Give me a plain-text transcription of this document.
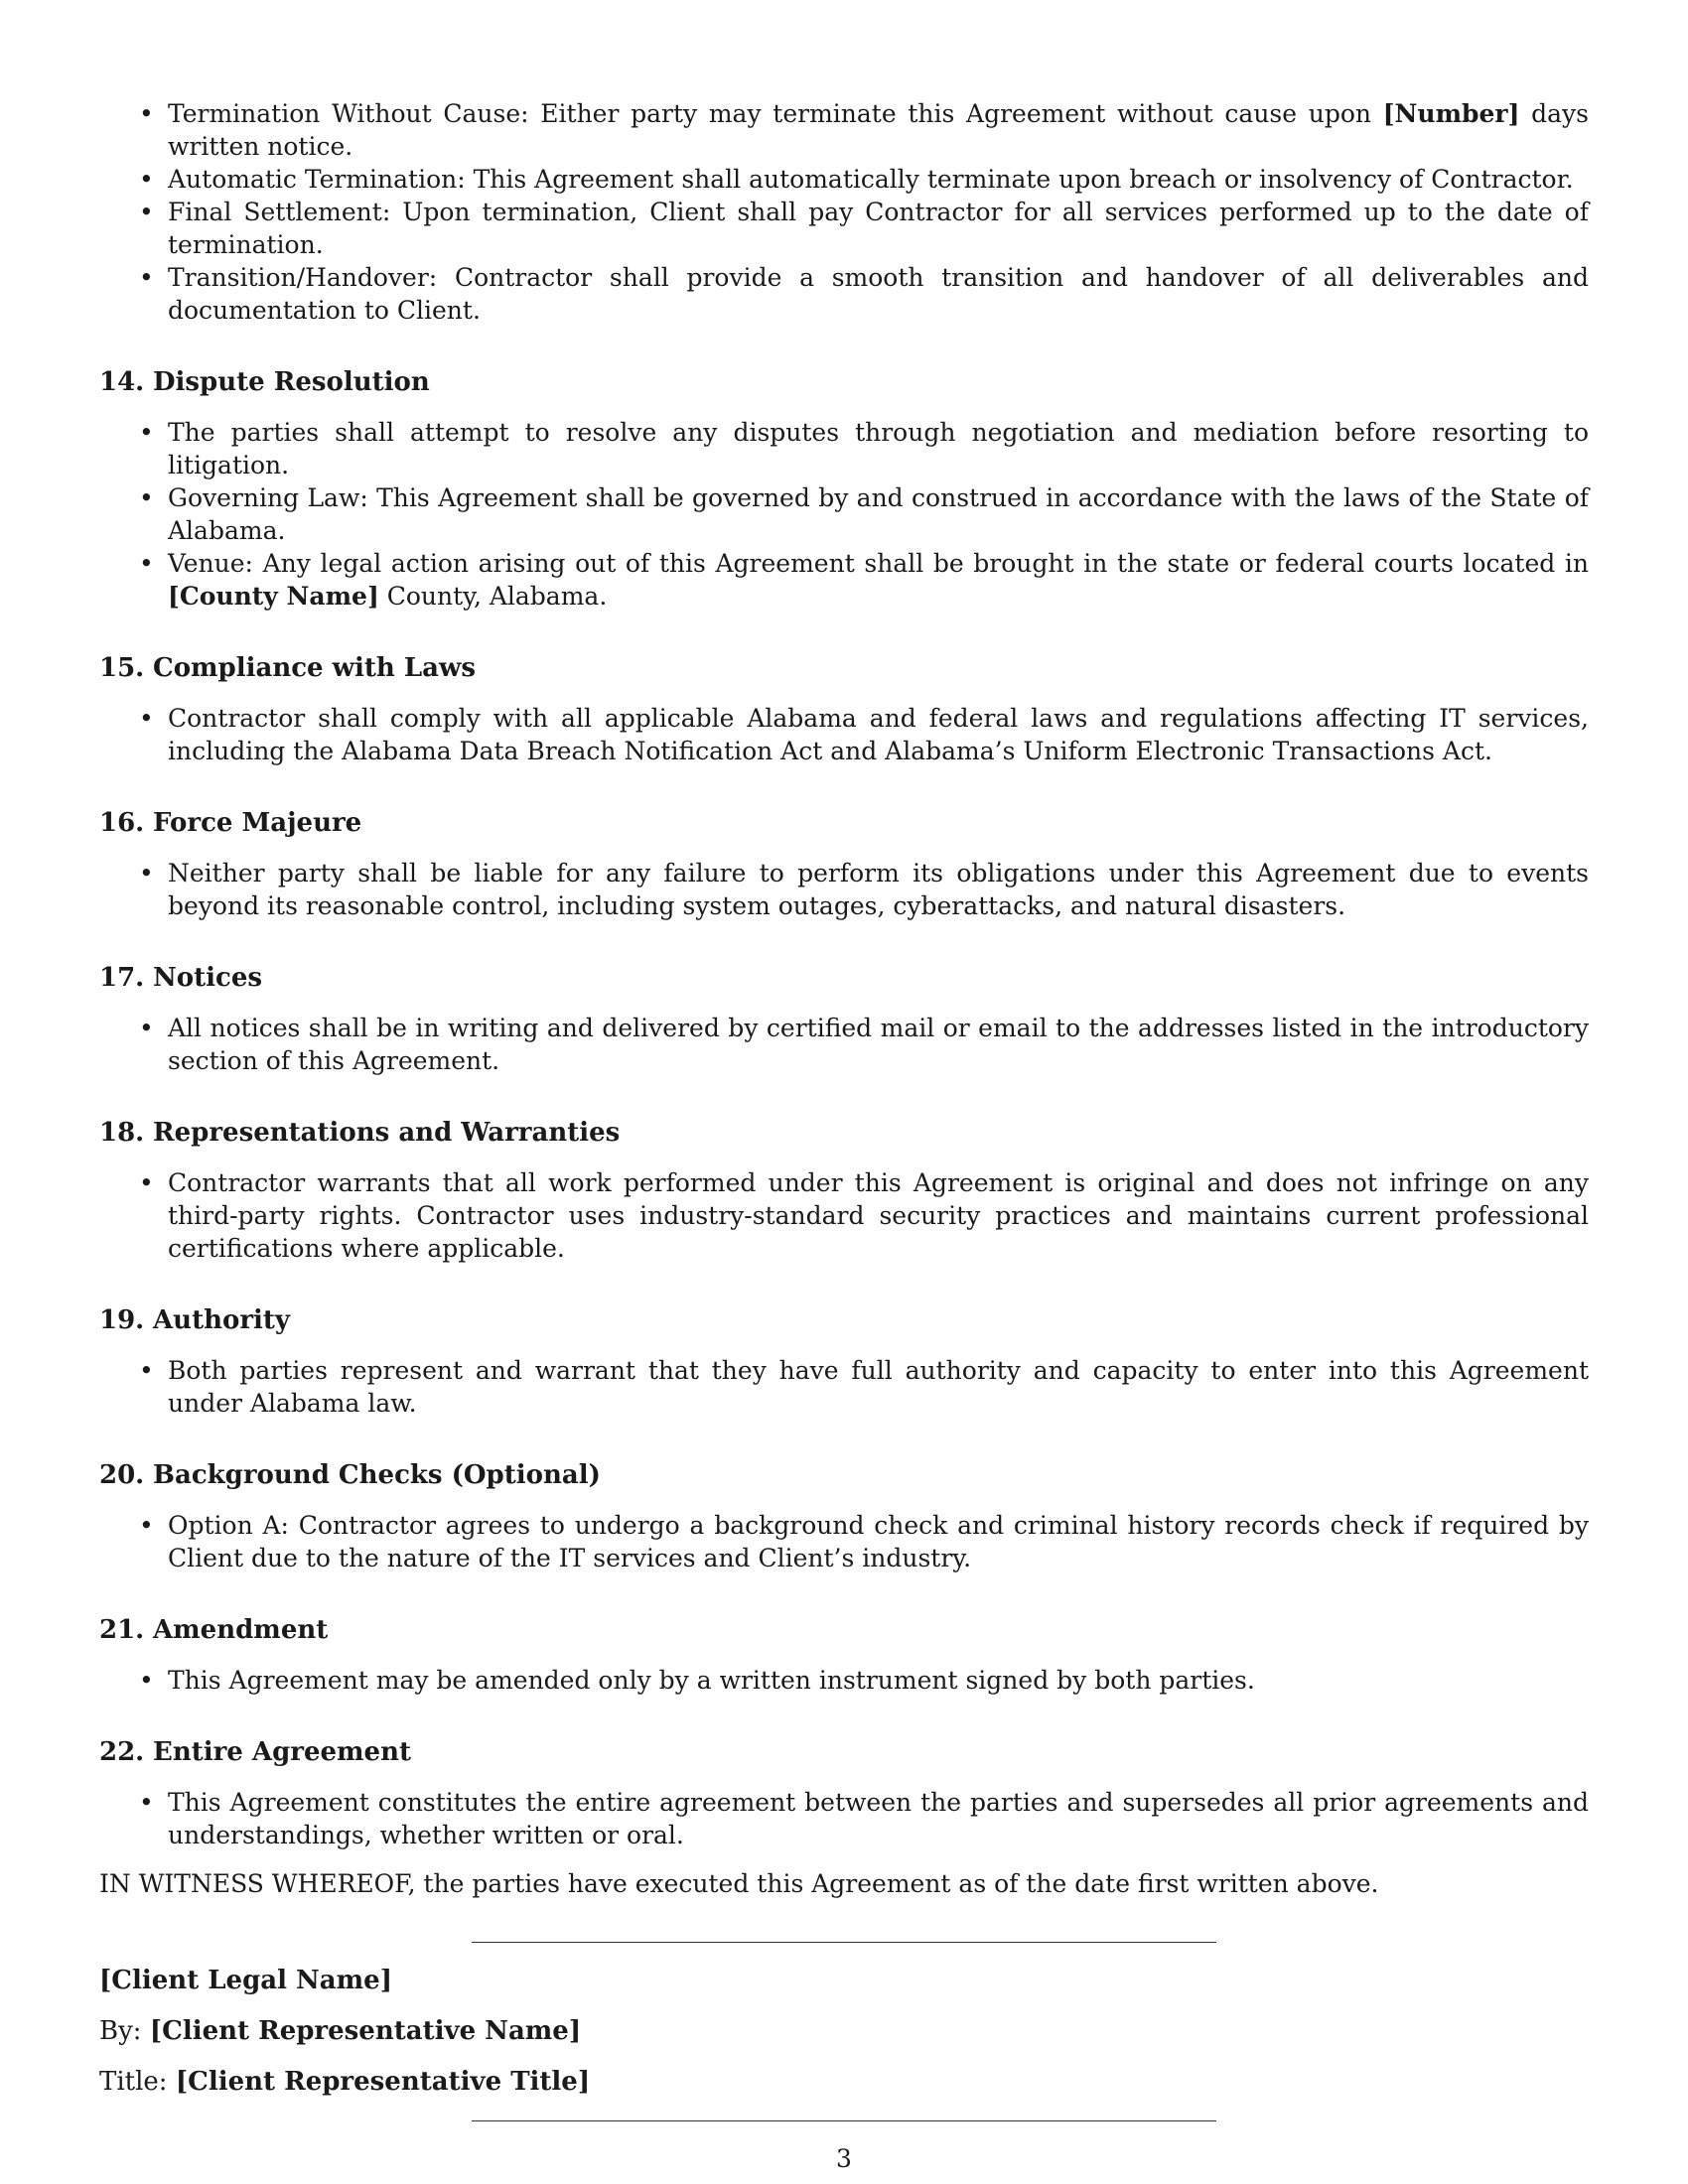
• Termination Without Cause: Either party may terminate this Agreement without cause upon [Number] days written notice.
• Automatic Termination: This Agreement shall automatically terminate upon breach or insolvency of Contractor.
• Final Settlement: Upon termination, Client shall pay Contractor for all services performed up to the date of termination.
• Transition/Handover: Contractor shall provide a smooth transition and handover of all deliverables and documentation to Client.
14. Dispute Resolution
• The parties shall attempt to resolve any disputes through negotiation and mediation before resorting to litigation.
• Governing Law: This Agreement shall be governed by and construed in accordance with the laws of the State of Alabama.
• Venue: Any legal action arising out of this Agreement shall be brought in the state or federal courts located in [County Name] County, Alabama.
15. Compliance with Laws
• Contractor shall comply with all applicable Alabama and federal laws and regulations affecting IT services, including the Alabama Data Breach Notification Act and Alabama’s Uniform Electronic Transactions Act.
16. Force Majeure
• Neither party shall be liable for any failure to perform its obligations under this Agreement due to events beyond its reasonable control, including system outages, cyberattacks, and natural disasters.
17. Notices
• All notices shall be in writing and delivered by certified mail or email to the addresses listed in the introductory section of this Agreement.
18. Representations and Warranties
• Contractor warrants that all work performed under this Agreement is original and does not infringe on any third-party rights. Contractor uses industry-standard security practices and maintains current professional certifications where applicable.
19. Authority
• Both parties represent and warrant that they have full authority and capacity to enter into this Agreement under Alabama law.
20. Background Checks (Optional)
• Option A: Contractor agrees to undergo a background check and criminal history records check if required by Client due to the nature of the IT services and Client’s industry.
21. Amendment
• This Agreement may be amended only by a written instrument signed by both parties.
22. Entire Agreement
• This Agreement constitutes the entire agreement between the parties and supersedes all prior agreements and understandings, whether written or oral.

IN WITNESS WHEREOF, the parties have executed this Agreement as of the date first written above.

[Client Legal Name]

By: [Client Representative Name]

Title: [Client Representative Title]

3
